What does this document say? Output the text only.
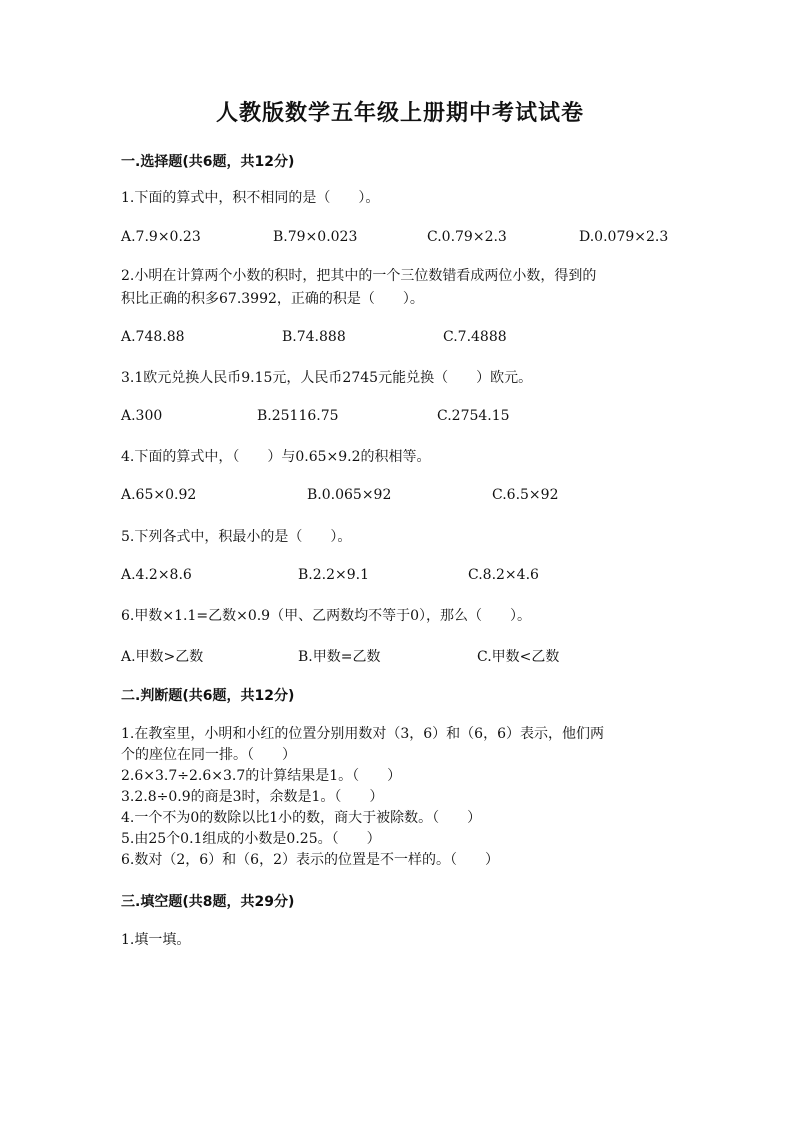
人教版数学五年级上册期中考试试卷
一.选择题(共6题，共12分)
1.下面的算式中，积不相同的是（　　）。
A.7.9×0.23	B.79×0.023	C.0.79×2.3	D.0.079×2.3
2.小明在计算两个小数的积时，把其中的一个三位数错看成两位小数，得到的
积比正确的积多67.3992，正确的积是（　　）。
A.748.88	B.74.888	C.7.4888
3.1欧元兑换人民币9.15元，人民币2745元能兑换（　　）欧元。
A.300	B.25116.75	C.2754.15
4.下面的算式中，（　　）与0.65×9.2的积相等。
A.65×0.92	B.0.065×92	C.6.5×92
5.下列各式中，积最小的是（　　）。
A.4.2×8.6	B.2.2×9.1	C.8.2×4.6
6.甲数×1.1=乙数×0.9（甲、乙两数均不等于0），那么（　　）。
A.甲数>乙数	B.甲数=乙数	C.甲数<乙数
二.判断题(共6题，共12分)
1.在教室里，小明和小红的位置分别用数对（3，6）和（6，6）表示，他们两
个的座位在同一排。（　　）
2.6×3.7÷2.6×3.7的计算结果是1。（　　）
3.2.8÷0.9的商是3时，余数是1。（　　）
4.一个不为0的数除以比1小的数，商大于被除数。（　　）
5.由25个0.1组成的小数是0.25。（　　）
6.数对（2，6）和（6，2）表示的位置是不一样的。（　　）
三.填空题(共8题，共29分)
1.填一填。
